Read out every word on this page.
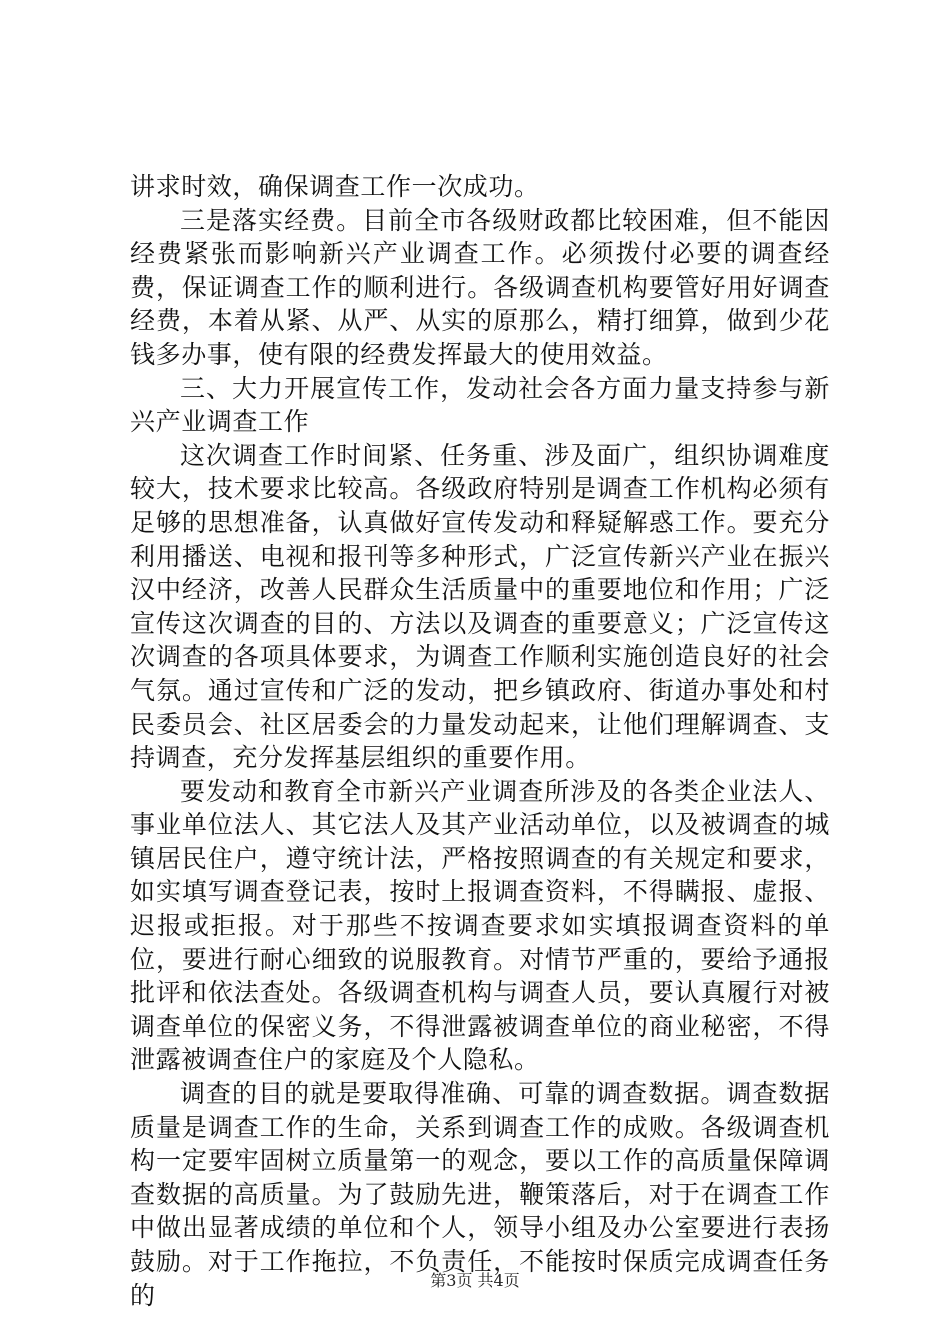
讲求时效，确保调查工作一次成功。

三是落实经费。目前全市各级财政都比较困难，但不能因经费紧张而影响新兴产业调查工作。必须拨付必要的调查经费，保证调查工作的顺利进行。各级调查机构要管好用好调查经费，本着从紧、从严、从实的原那么，精打细算，做到少花钱多办事，使有限的经费发挥最大的使用效益。

三、大力开展宣传工作，发动社会各方面力量支持参与新兴产业调查工作

这次调查工作时间紧、任务重、涉及面广，组织协调难度较大，技术要求比较高。各级政府特别是调查工作机构必须有足够的思想准备，认真做好宣传发动和释疑解惑工作。要充分利用播送、电视和报刊等多种形式，广泛宣传新兴产业在振兴汉中经济，改善人民群众生活质量中的重要地位和作用；广泛宣传这次调查的目的、方法以及调查的重要意义；广泛宣传这次调查的各项具体要求，为调查工作顺利实施创造良好的社会气氛。通过宣传和广泛的发动，把乡镇政府、街道办事处和村民委员会、社区居委会的力量发动起来，让他们理解调查、支持调查，充分发挥基层组织的重要作用。

要发动和教育全市新兴产业调查所涉及的各类企业法人、事业单位法人、其它法人及其产业活动单位，以及被调查的城镇居民住户，遵守统计法，严格按照调查的有关规定和要求，如实填写调查登记表，按时上报调查资料，不得瞒报、虚报、迟报或拒报。对于那些不按调查要求如实填报调查资料的单位，要进行耐心细致的说服教育。对情节严重的，要给予通报批评和依法查处。各级调查机构与调查人员，要认真履行对被调查单位的保密义务，不得泄露被调查单位的商业秘密，不得泄露被调查住户的家庭及个人隐私。

调查的目的就是要取得准确、可靠的调查数据。调查数据质量是调查工作的生命，关系到调查工作的成败。各级调查机构一定要牢固树立质量第一的观念，要以工作的高质量保障调查数据的高质量。为了鼓励先进，鞭策落后，对于在调查工作中做出显著成绩的单位和个人，领导小组及办公室要进行表扬鼓励。对于工作拖拉，不负责任，不能按时保质完成调查任务的

第3页 共4页
